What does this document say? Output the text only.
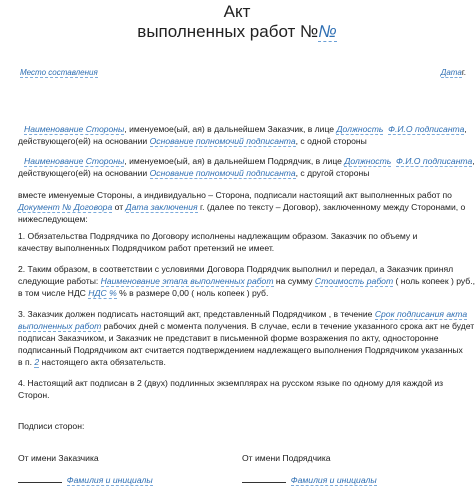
Акт
выполненных работ №№
Место составления	Датаг.
Наименование Стороны, именуемое(ый, ая) в дальнейшем Заказчик, в лице Должность Ф.И.О подписанта,
действующего(ей) на основании Основание полномочий подписанта, с одной стороны
Наименование Стороны, именуемое(ый, ая) в дальнейшем Подрядчик, в лице Должность Ф.И.О подписанта,
действующего(ей) на основании Основание полномочий подписанта, с другой стороны
вместе именуемые Стороны, а индивидуально – Сторона, подписали настоящий акт выполненных работ по
Документ № Договора от Дата заключения г. (далее по тексту – Договор), заключенному между Сторонами, о
нижеследующем:
1. Обязательства Подрядчика по Договору исполнены надлежащим образом. Заказчик по объему и
качеству выполненных Подрядчиком работ претензий не имеет.
2. Таким образом, в соответствии с условиями Договора Подрядчик выполнил и передал, а Заказчик принял
следующие работы: Наименование этапа выполненных работ на сумму Стоимость работ ( ноль копеек ) руб.,
в том числе НДС НДС % % в размере 0,00 ( ноль копеек ) руб.
3. Заказчик должен подписать настоящий акт, представленный Подрядчиком , в течение Срок подписания акта
выполненных работ рабочих дней с момента получения. В случае, если в течение указанного срока акт не будет
подписан Заказчиком, и Заказчик не представит в письменной форме возражения по акту, односторонне
подписанный Подрядчиком акт считается подтверждением надлежащего выполнения Подрядчиком указанных
в п. 2 настоящего акта обязательств.
4. Настоящий акт подписан в 2 (двух) подлинных экземплярах на русском языке по одному для каждой из
Сторон.
Подписи сторон:
От имени Заказчика	От имени Подрядчика
Фамилия и инициалы	Фамилия и инициалы
